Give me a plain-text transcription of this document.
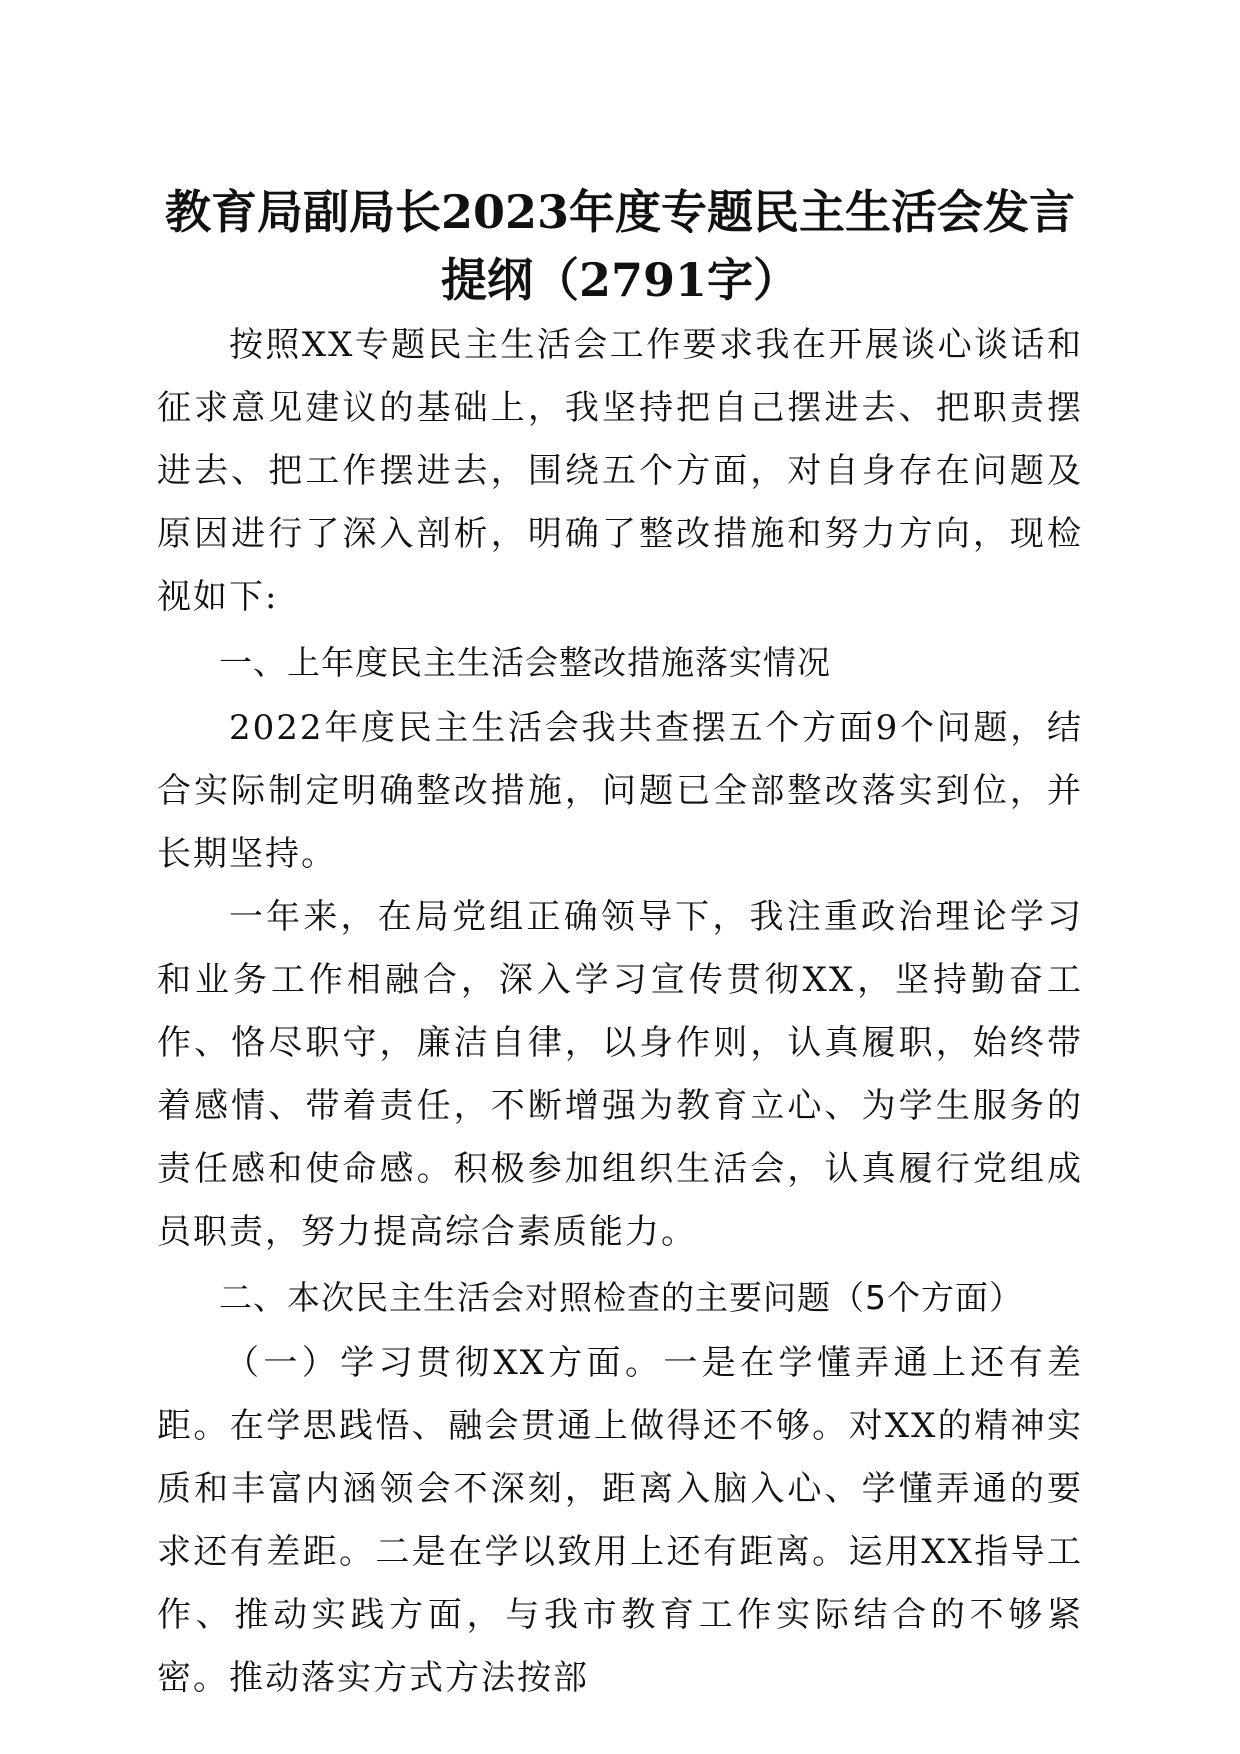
教育局副局长2023年度专题民主生活会发言
提纲（2791字）

按照XX专题民主生活会工作要求我在开展谈心谈话和征求意见建议的基础上，我坚持把自己摆进去、把职责摆进去、把工作摆进去，围绕五个方面，对自身存在问题及原因进行了深入剖析，明确了整改措施和努力方向，现检视如下:

一、上年度民主生活会整改措施落实情况

2022年度民主生活会我共查摆五个方面9个问题，结合实际制定明确整改措施，问题已全部整改落实到位，并长期坚持。

一年来，在局党组正确领导下，我注重政治理论学习和业务工作相融合，深入学习宣传贯彻XX，坚持勤奋工作、恪尽职守，廉洁自律，以身作则，认真履职，始终带着感情、带着责任，不断增强为教育立心、为学生服务的责任感和使命感。积极参加组织生活会，认真履行党组成员职责，努力提高综合素质能力。

二、本次民主生活会对照检查的主要问题（5个方面）

（一）学习贯彻XX方面。一是在学懂弄通上还有差距。在学思践悟、融会贯通上做得还不够。对XX的精神实质和丰富内涵领会不深刻，距离入脑入心、学懂弄通的要求还有差距。二是在学以致用上还有距离。运用XX指导工作、推动实践方面，与我市教育工作实际结合的不够紧密。推动落实方式方法按部
